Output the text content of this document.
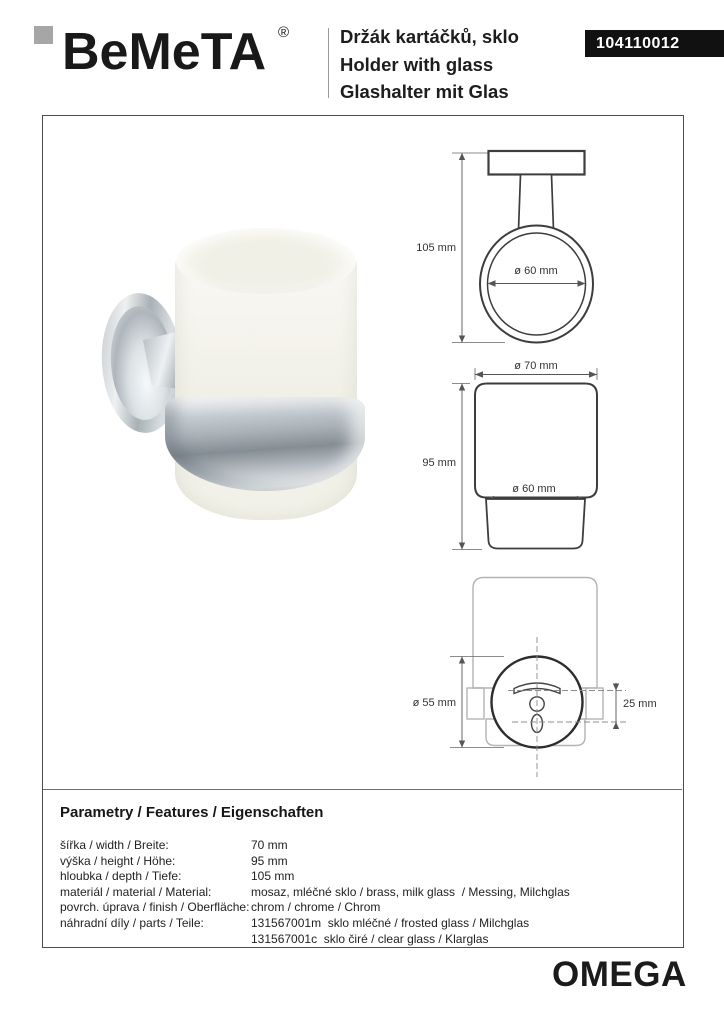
BeMeTA ®	Držák kartáčků, sklo
Holder with glass
Glashalter mit Glas
104110012
105 mm
ø 60 mm
ø 70 mm
95 mm
ø 60 mm
ø 55 mm	25 mm
Parametry / Features / Eigenschaften
šířka / width / Breite:	70 mm
výška / height / Höhe:	95 mm
hloubka / depth / Tiefe:	105 mm
materiál / material / Material:	mosaz, mléčné sklo / brass, milk glass  / Messing, Milchglas
povrch. úprava / finish / Oberfläche: chrom / chrome / Chrom
náhradní díly / parts / Teile:	131567001m  sklo mléčné / frosted glass / Milchglas
131567001c  sklo čiré / clear glass / Klarglas
OMEGA
